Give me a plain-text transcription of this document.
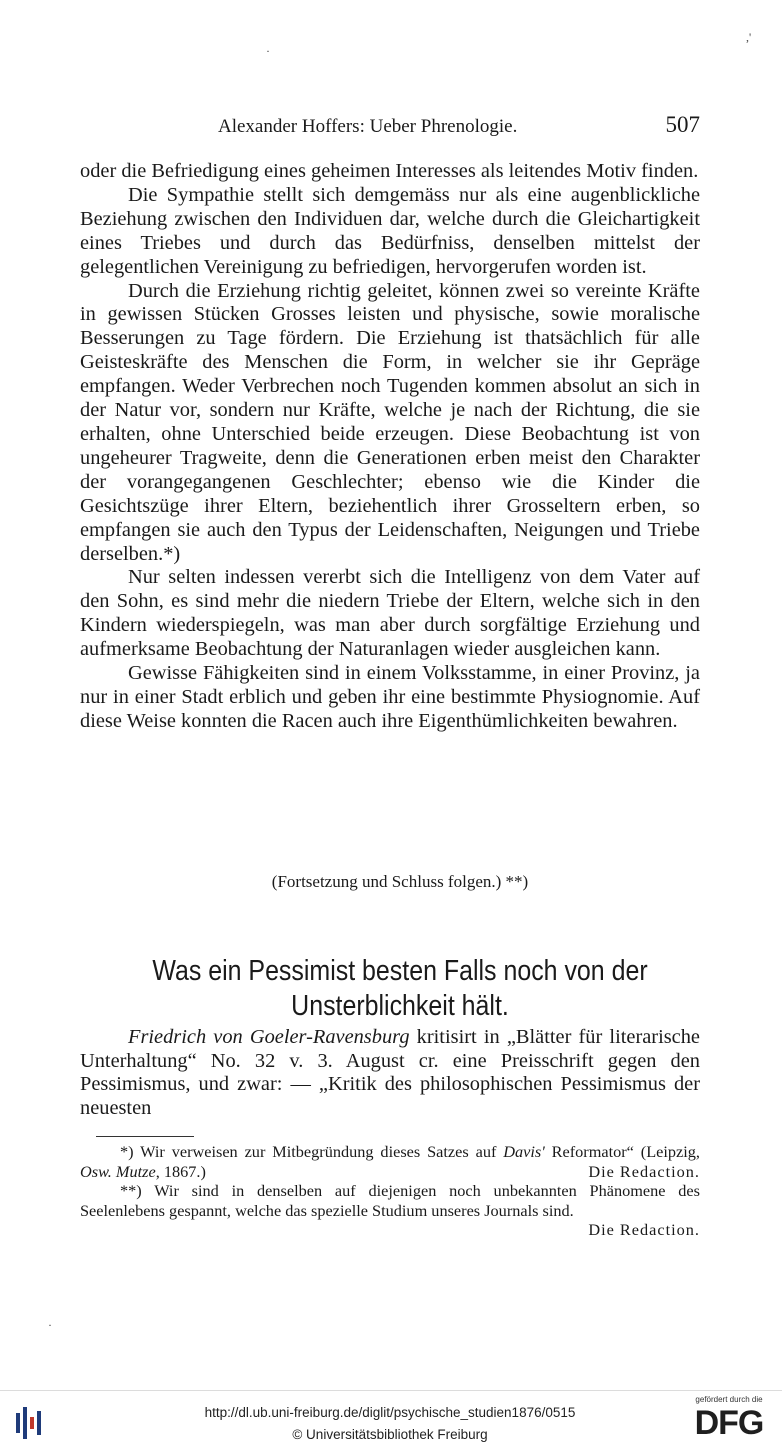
·
,'
·
Alexander Hoffers: Ueber Phrenologie.	507

oder die Befriedigung eines geheimen Interesses als leitendes Motiv finden.

Die Sympathie stellt sich demgemäss nur als eine augenblickliche Beziehung zwischen den Individuen dar, welche durch die Gleichartigkeit eines Triebes und durch das Bedürfniss, denselben mittelst der gelegentlichen Vereinigung zu befriedigen, hervorgerufen worden ist.

Durch die Erziehung richtig geleitet, können zwei so vereinte Kräfte in gewissen Stücken Grosses leisten und physische, sowie moralische Besserungen zu Tage fördern. Die Erziehung ist thatsächlich für alle Geisteskräfte des Menschen die Form, in welcher sie ihr Gepräge empfangen. Weder Verbrechen noch Tugenden kommen absolut an sich in der Natur vor, sondern nur Kräfte, welche je nach der Richtung, die sie erhalten, ohne Unterschied beide erzeugen. Diese Beobachtung ist von ungeheurer Tragweite, denn die Generationen erben meist den Charakter der vorangegangenen Geschlechter; ebenso wie die Kinder die Gesichtszüge ihrer Eltern, beziehentlich ihrer Grosseltern erben, so empfangen sie auch den Typus der Leidenschaften, Neigungen und Triebe derselben.*)

Nur selten indessen vererbt sich die Intelligenz von dem Vater auf den Sohn, es sind mehr die niedern Triebe der Eltern, welche sich in den Kindern wiederspiegeln, was man aber durch sorgfältige Erziehung und aufmerksame Beobachtung der Naturanlagen wieder ausgleichen kann.

Gewisse Fähigkeiten sind in einem Volksstamme, in einer Provinz, ja nur in einer Stadt erblich und geben ihr eine bestimmte Physiognomie. Auf diese Weise konnten die Racen auch ihre Eigenthümlichkeiten bewahren.

(Fortsetzung und Schluss folgen.) **)
Was ein Pessimist besten Falls noch von der
Unsterblichkeit hält.

Friedrich von Goeler-Ravensburg kritisirt in „Blätter für literarische Unterhaltung“ No. 32 v. 3. August cr. eine Preisschrift gegen den Pessimismus, und zwar: — „Kritik des philosophischen Pessimismus der neuesten

*) Wir verweisen zur Mitbegründung dieses Satzes auf Davis' Reformator“ (Leipzig, Osw. Mutze, 1867.)	Die Redaction.

**) Wir sind in denselben auf diejenigen noch unbekannten Phänomene des Seelenlebens gespannt, welche das spezielle Studium unseres Journals sind.
Die Redaction.

http://dl.ub.uni-freiburg.de/diglit/psychische_studien1876/0515
© Universitätsbibliothek Freiburg
gefördert durch die
DFG
